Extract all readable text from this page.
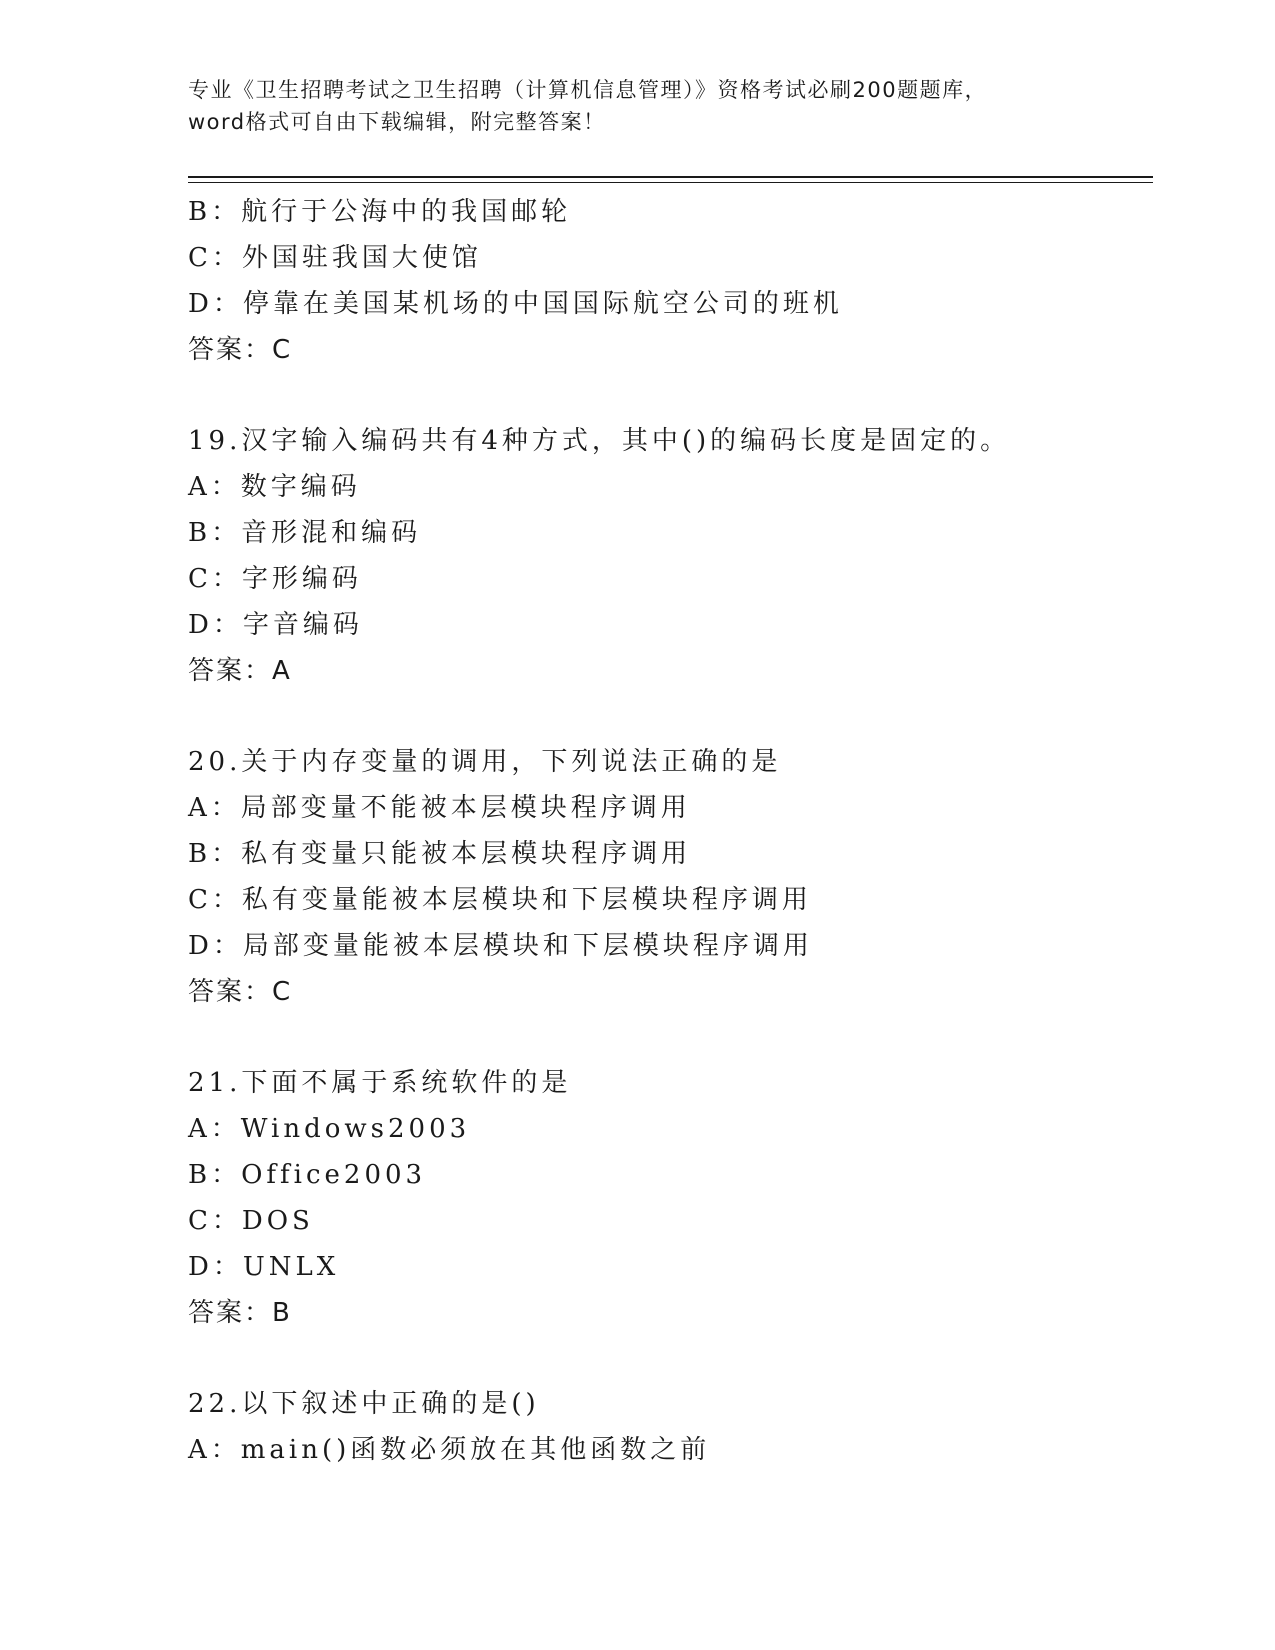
专业《卫生招聘考试之卫生招聘（计算机信息管理）》资格考试必刷200题题库，
word格式可自由下载编辑，附完整答案！
B：航行于公海中的我国邮轮
C：外国驻我国大使馆
D：停靠在美国某机场的中国国际航空公司的班机
答案：C
19.汉字输入编码共有4种方式，其中()的编码长度是固定的。
A：数字编码
B：音形混和编码
C：字形编码
D：字音编码
答案：A
20.关于内存变量的调用，下列说法正确的是
A：局部变量不能被本层模块程序调用
B：私有变量只能被本层模块程序调用
C：私有变量能被本层模块和下层模块程序调用
D：局部变量能被本层模块和下层模块程序调用
答案：C
21.下面不属于系统软件的是
A：Windows2003
B：Office2003
C：DOS
D：UNLX
答案：B
22.以下叙述中正确的是()
A：main()函数必须放在其他函数之前
